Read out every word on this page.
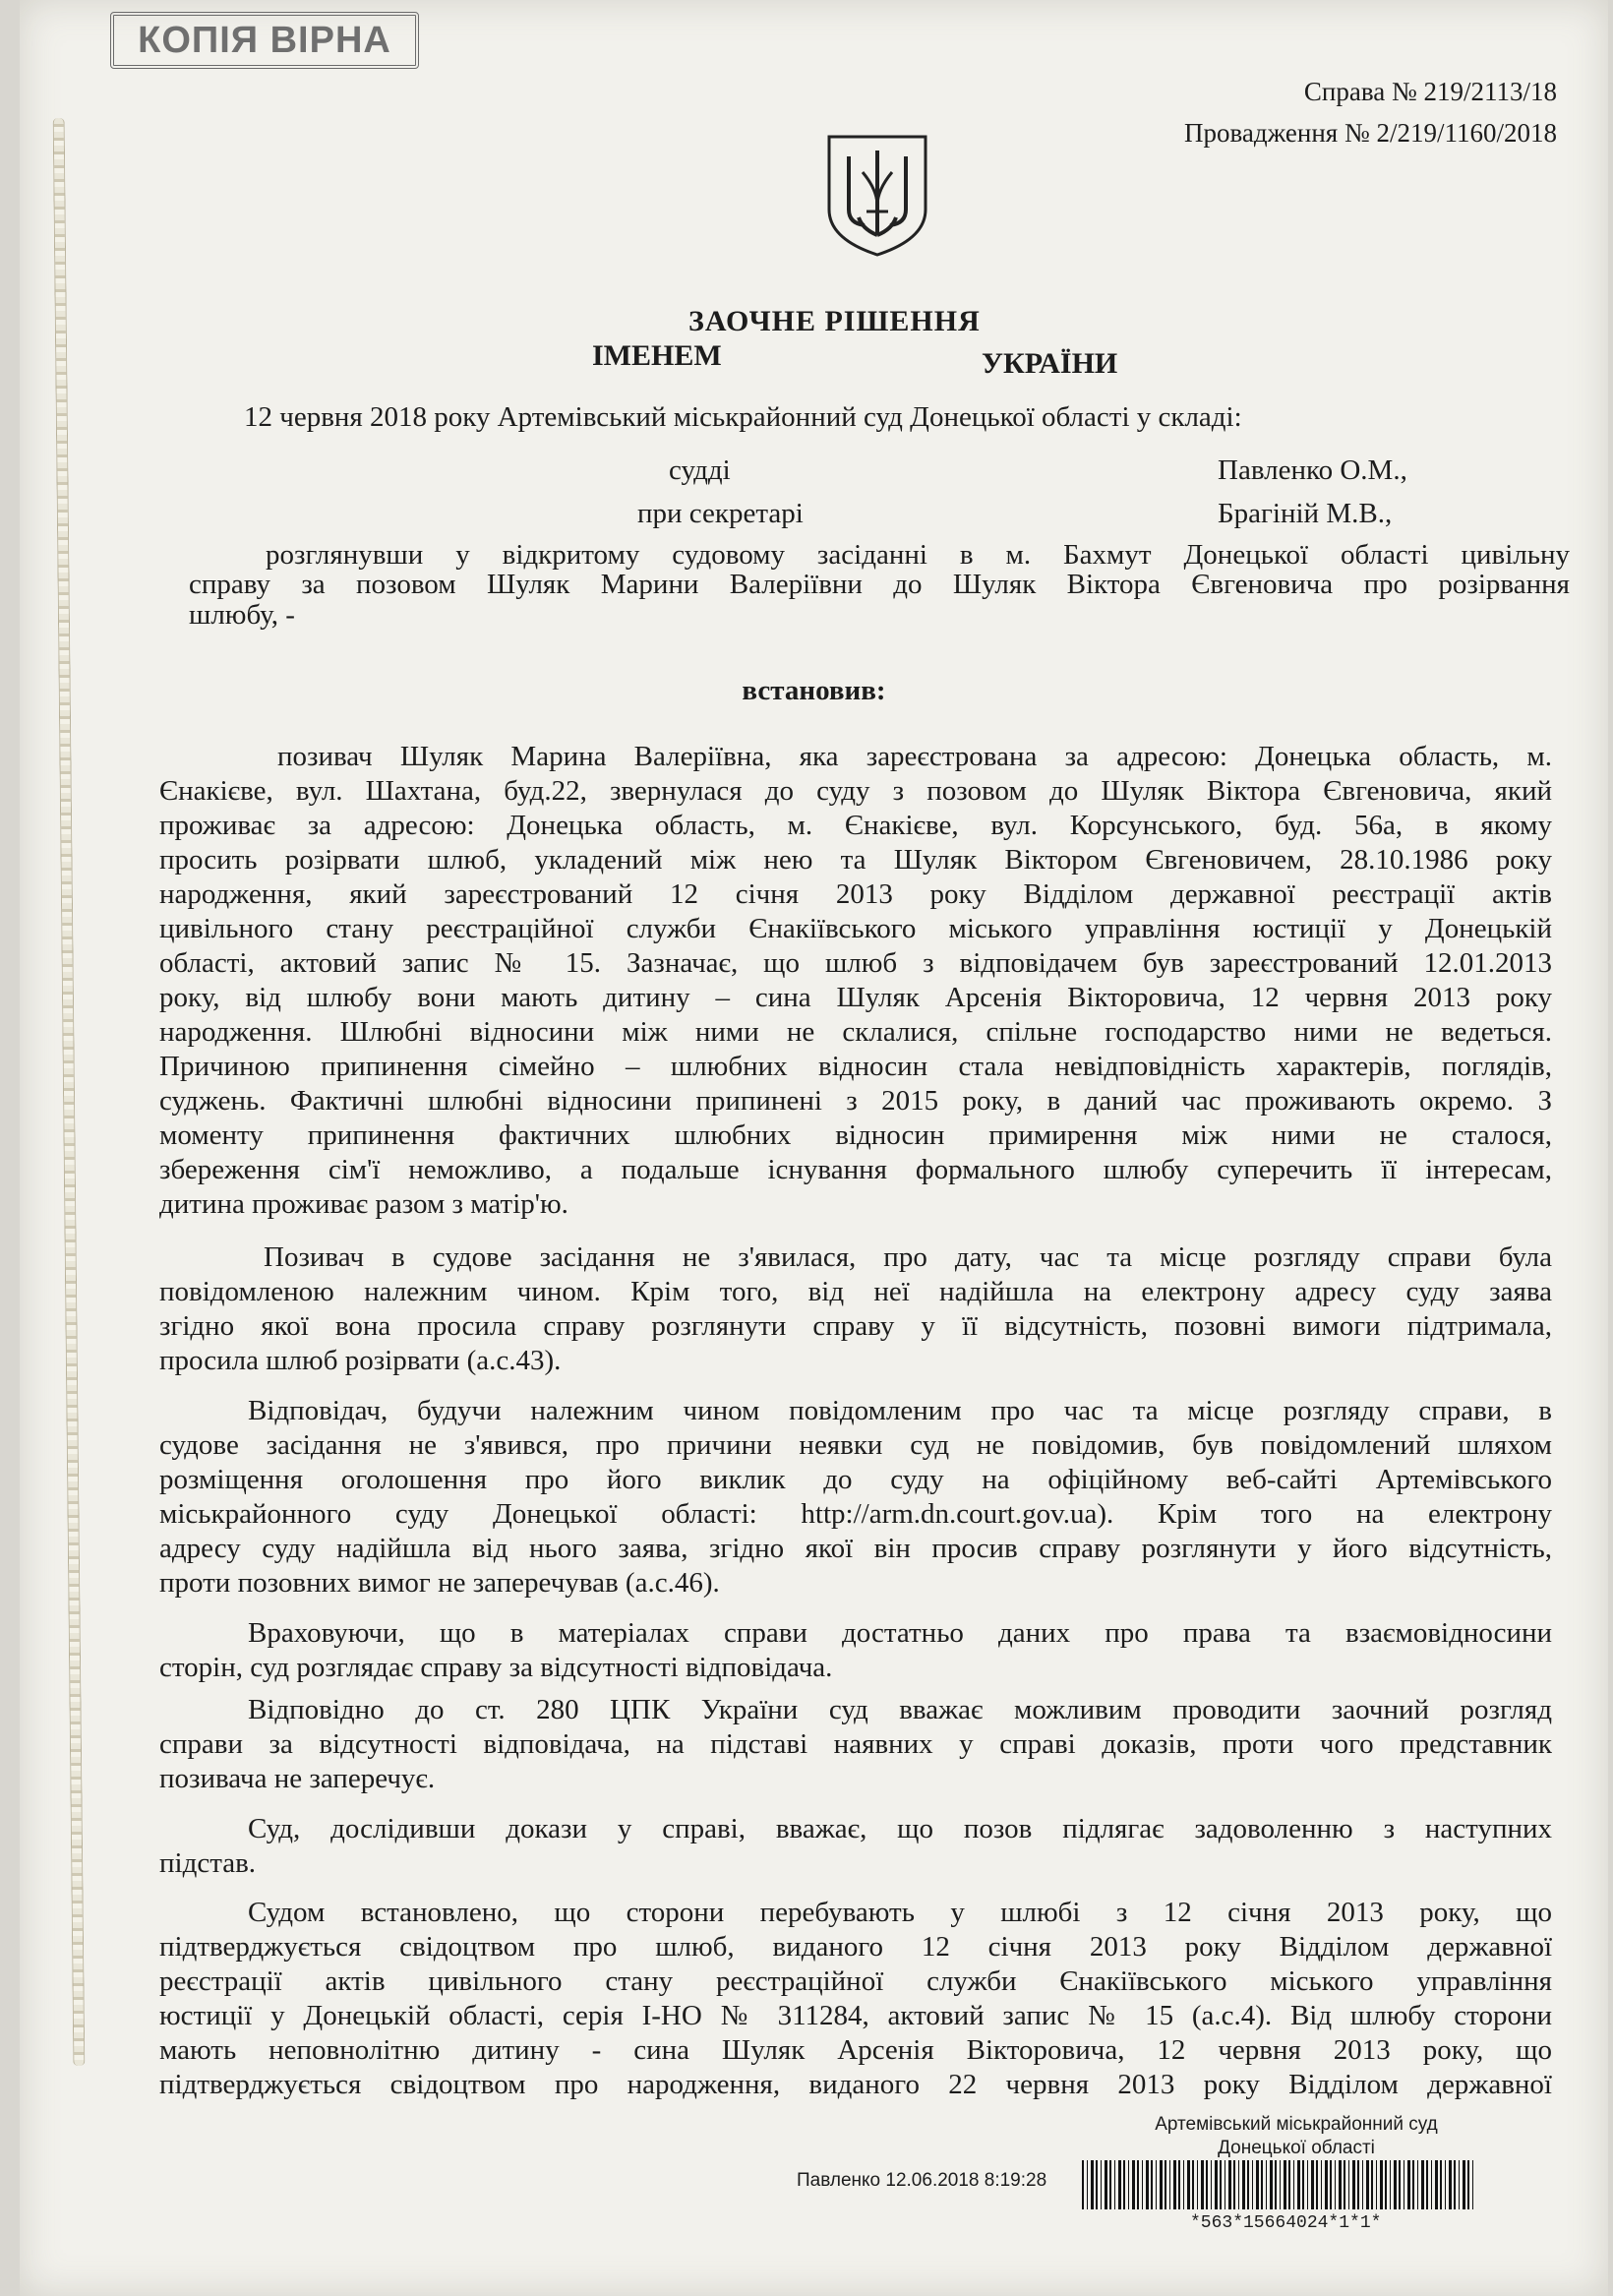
КОПІЯ ВІРНА
Справа № 219/2113/18
Провадження № 2/219/1160/2018
ЗАОЧНЕ РІШЕННЯ
ІМЕНЕМ	УКРАЇНИ
12 червня 2018 року Артемівський міськрайонний суд Донецької області у складі:
судді	Павленко О.М.,
при секретарі	Брагіній М.В.,
розглянувши у відкритому судовому засіданні в м. Бахмут Донецької області цивільну
справу за позовом Шуляк Марини Валеріївни до Шуляк Віктора Євгеновича про розірвання
шлюбу, -
встановив:
позивач Шуляк Марина Валеріївна, яка зареєстрована за адресою: Донецька область, м.
Єнакієве, вул. Шахтана, буд.22, звернулася до суду з позовом до Шуляк Віктора Євгеновича, який
проживає за адресою: Донецька область, м. Єнакієве, вул. Корсунського, буд. 56а, в якому
просить розірвати шлюб, укладений між нею та Шуляк Віктором Євгеновичем, 28.10.1986 року
народження, який зареєстрований 12 січня 2013 року Відділом державної реєстрації актів
цивільного стану реєстраційної служби Єнакіївського міського управління юстиції у Донецькій
області, актовий запис № 15. Зазначає, що шлюб з відповідачем був зареєстрований 12.01.2013
року, від шлюбу вони мають дитину – сина Шуляк Арсенія Вікторовича, 12 червня 2013 року
народження. Шлюбні відносини між ними не склалися, спільне господарство ними не ведеться.
Причиною припинення сімейно – шлюбних відносин стала невідповідність характерів, поглядів,
суджень. Фактичні шлюбні відносини припинені з 2015 року, в даний час проживають окремо. З
моменту припинення фактичних шлюбних відносин примирення між ними не сталося,
збереження сім'ї неможливо, а подальше існування формального шлюбу суперечить її інтересам,
дитина проживає разом з матір'ю.
Позивач в судове засідання не з'явилася, про дату, час та місце розгляду справи була
повідомленою належним чином. Крім того, від неї надійшла на електрону адресу суду заява
згідно якої вона просила справу розглянути справу у її відсутність, позовні вимоги підтримала,
просила шлюб розірвати (а.с.43).
Відповідач, будучи належним чином повідомленим про час та місце розгляду справи, в
судове засідання не з'явився, про причини неявки суд не повідомив, був повідомлений шляхом
розміщення оголошення про його виклик до суду на офіційному веб-сайті Артемівського
міськрайонного суду Донецької області: http://arm.dn.court.gov.ua). Крім того на електрону
адресу суду надійшла від нього заява, згідно якої він просив справу розглянути у його відсутність,
проти позовних вимог не заперечував (а.с.46).
Враховуючи, що в матеріалах справи достатньо даних про права та взаємовідносини
сторін, суд розглядає справу за відсутності відповідача.
Відповідно до ст. 280 ЦПК України суд вважає можливим проводити заочний розгляд
справи за відсутності відповідача, на підставі наявних у справі доказів, проти чого представник
позивача не заперечує.
Суд, дослідивши докази у справі, вважає, що позов підлягає задоволенню з наступних
підстав.
Судом встановлено, що сторони перебувають у шлюбі з 12 січня 2013 року, що
підтверджується свідоцтвом про шлюб, виданого 12 січня 2013 року Відділом державної
реєстрації актів цивільного стану реєстраційної служби Єнакіївського міського управління
юстиції у Донецькій області, серія І-НО № 311284, актовий запис № 15 (а.с.4). Від шлюбу сторони
мають неповнолітню дитину - сина Шуляк Арсенія Вікторовича, 12 червня 2013 року, що
підтверджується свідоцтвом про народження, виданого 22 червня 2013 року Відділом державної
Артемівський міськрайонний суд
Донецької області
Павленко 12.06.2018 8:19:28
*563*15664024*1*1*
